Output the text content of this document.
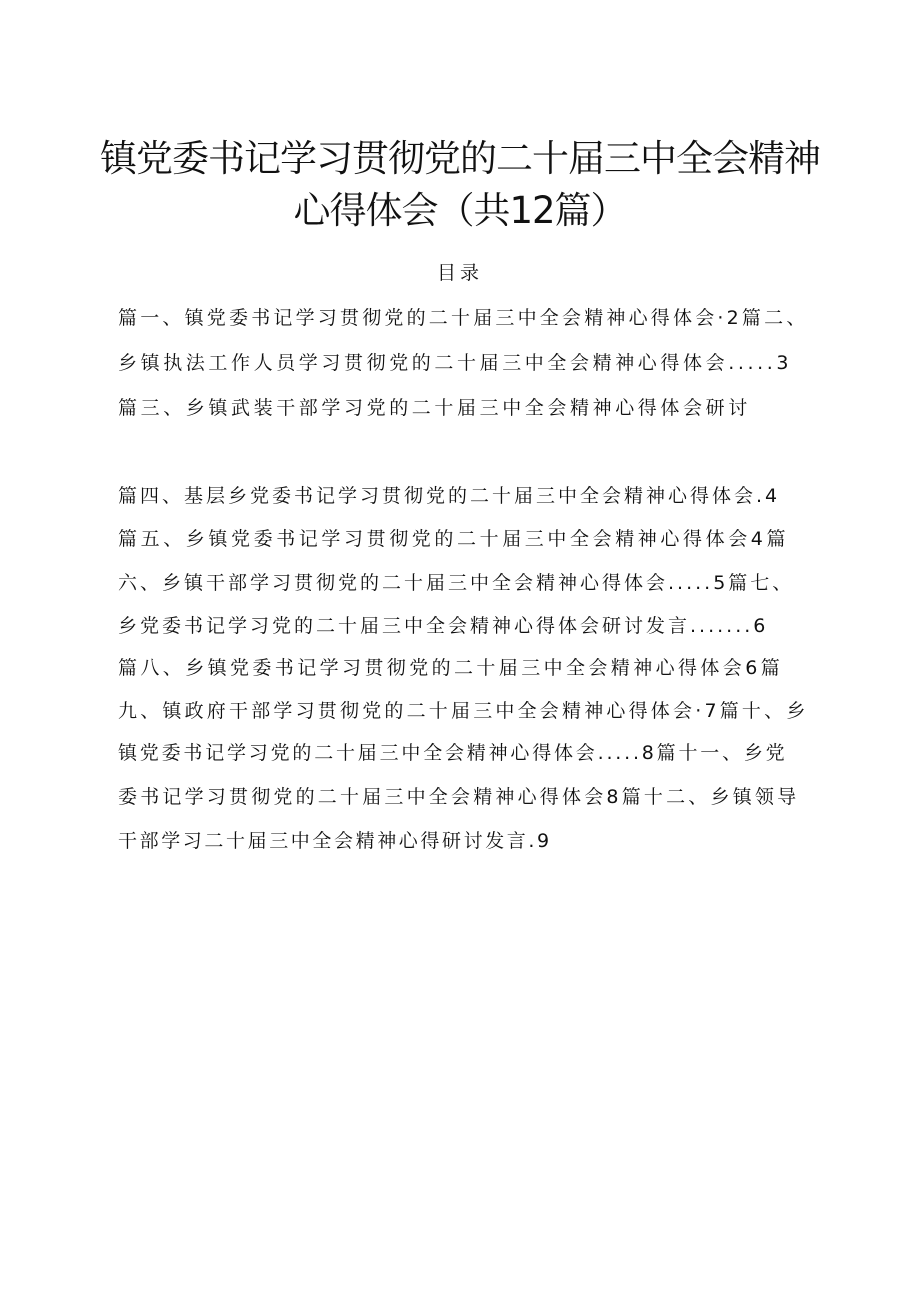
镇党委书记学习贯彻党的二十届三中全会精神
心得体会（共12篇）
目录
篇一、镇党委书记学习贯彻党的二十届三中全会精神心得体会·2篇二、
乡镇执法工作人员学习贯彻党的二十届三中全会精神心得体会.....3
篇三、乡镇武装干部学习党的二十届三中全会精神心得体会研讨
篇四、基层乡党委书记学习贯彻党的二十届三中全会精神心得体会.4
篇五、乡镇党委书记学习贯彻党的二十届三中全会精神心得体会4篇
六、乡镇干部学习贯彻党的二十届三中全会精神心得体会.....5篇七、
乡党委书记学习党的二十届三中全会精神心得体会研讨发言.......6
篇八、乡镇党委书记学习贯彻党的二十届三中全会精神心得体会6篇
九、镇政府干部学习贯彻党的二十届三中全会精神心得体会·7篇十、乡
镇党委书记学习党的二十届三中全会精神心得体会.....8篇十一、乡党
委书记学习贯彻党的二十届三中全会精神心得体会8篇十二、乡镇领导
干部学习二十届三中全会精神心得研讨发言.9
